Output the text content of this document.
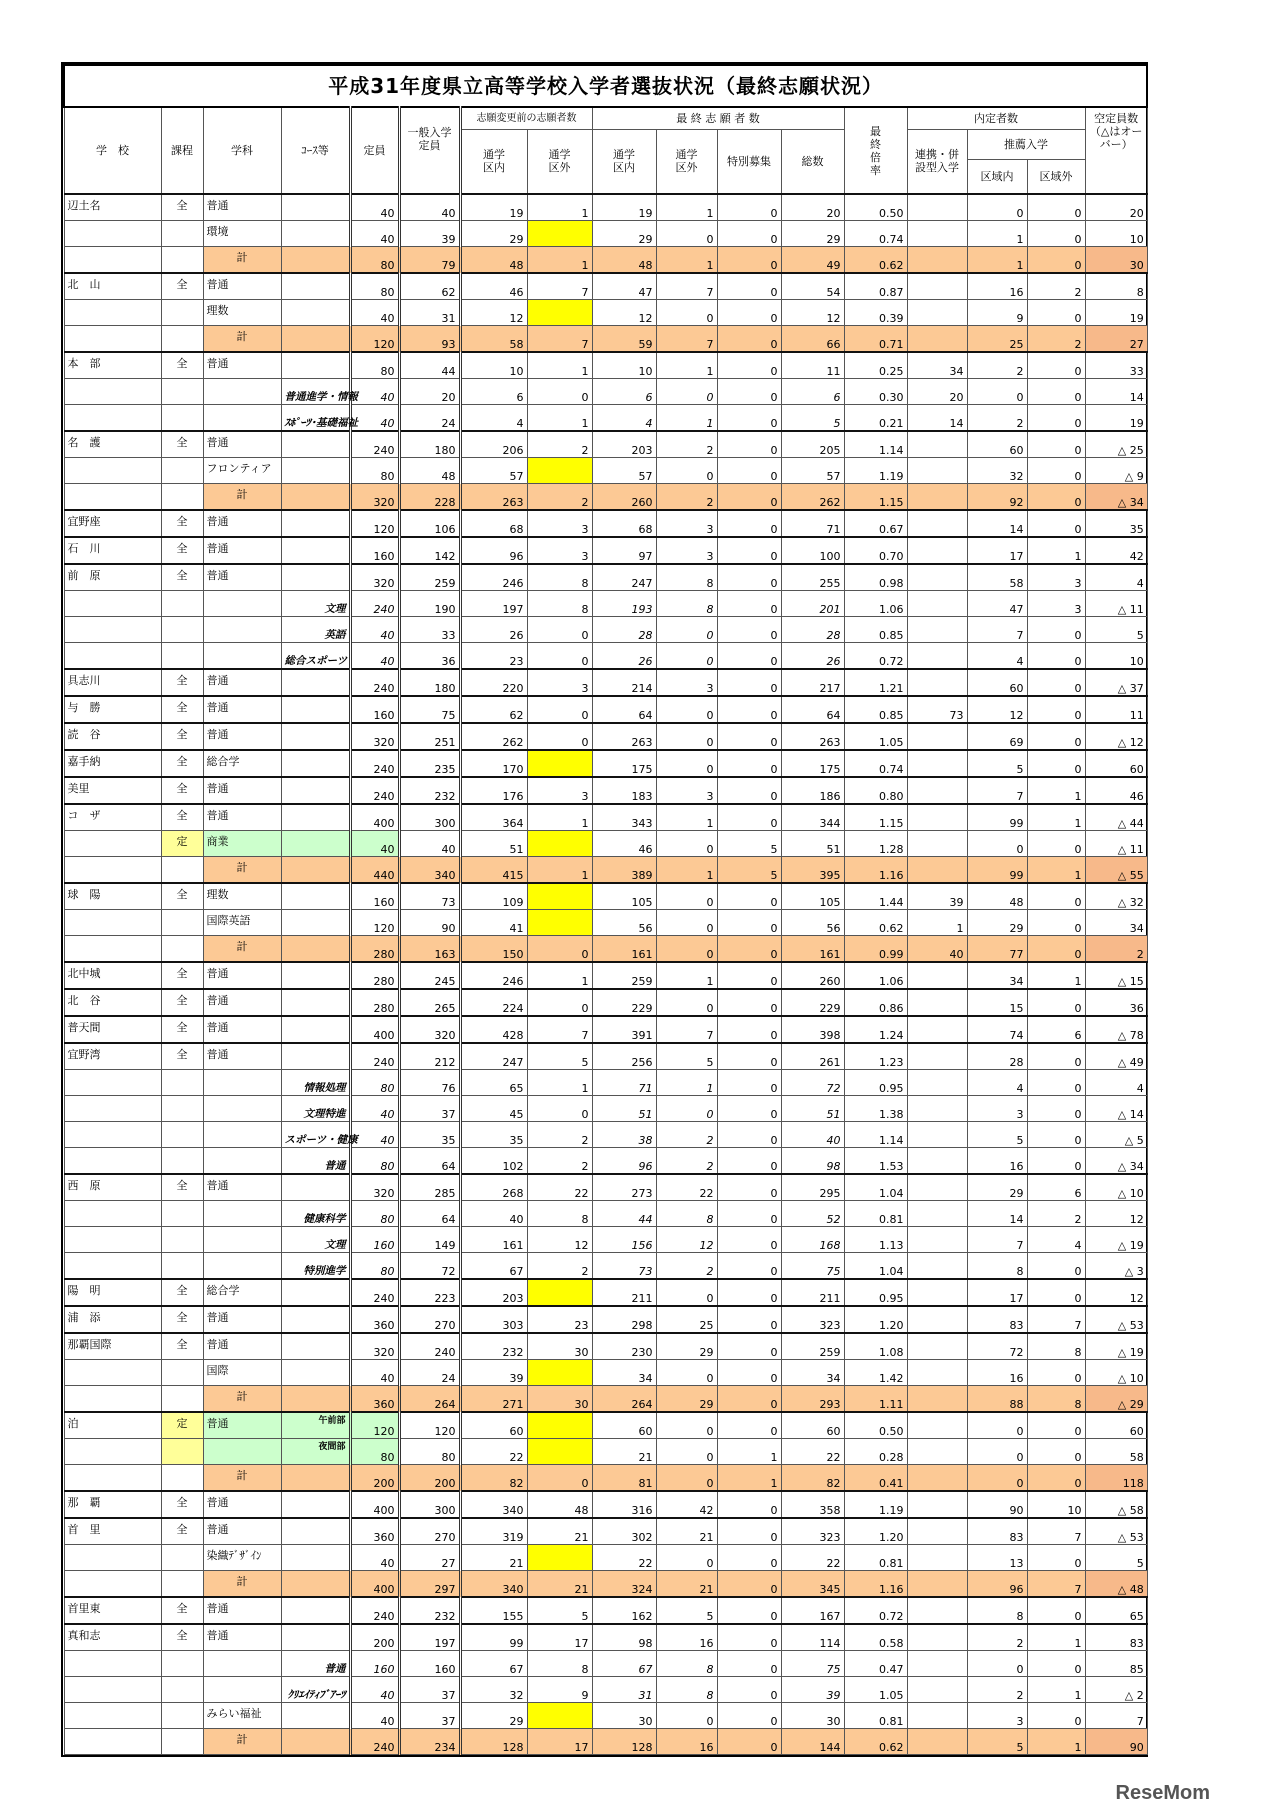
平成31年度県立高等学校入学者選抜状況（最終志願状況）																
学　校	課程	学科	ｺｰｽ等	定員	一般入学定員	志願変更前の志願者数		最 終 志 願 者 数				最終倍率	内定者数			空定員数（△はオーバー）
						通学区内	通学区外	通学区内	通学区外	特別募集	総数		連携・併設型入学	推薦入学		
														区域内	区域外	
辺土名	全	普通		40	40	19	1	19	1	0	20	0.50		0	0	20
		環境		40	39	29		29	0	0	29	0.74		1	0	10
		計		80	79	48	1	48	1	0	49	0.62		1	0	30
北　山	全	普通		80	62	46	7	47	7	0	54	0.87		16	2	8
		理数		40	31	12		12	0	0	12	0.39		9	0	19
		計		120	93	58	7	59	7	0	66	0.71		25	2	27
本　部	全	普通		80	44	10	1	10	1	0	11	0.25	34	2	0	33
			普通進学・情報	40	20	6	0	6	0	0	6	0.30	20	0	0	14
			ｽﾎﾟｰﾂ･基礎福祉	40	24	4	1	4	1	0	5	0.21	14	2	0	19
名　護	全	普通		240	180	206	2	203	2	0	205	1.14		60	0	△ 25
		フロンティア		80	48	57		57	0	0	57	1.19		32	0	△ 9
		計		320	228	263	2	260	2	0	262	1.15		92	0	△ 34
宜野座	全	普通		120	106	68	3	68	3	0	71	0.67		14	0	35
石　川	全	普通		160	142	96	3	97	3	0	100	0.70		17	1	42
前　原	全	普通		320	259	246	8	247	8	0	255	0.98		58	3	4
			文理	240	190	197	8	193	8	0	201	1.06		47	3	△ 11
			英語	40	33	26	0	28	0	0	28	0.85		7	0	5
			総合スポーツ	40	36	23	0	26	0	0	26	0.72		4	0	10
具志川	全	普通		240	180	220	3	214	3	0	217	1.21		60	0	△ 37
与　勝	全	普通		160	75	62	0	64	0	0	64	0.85	73	12	0	11
読　谷	全	普通		320	251	262	0	263	0	0	263	1.05		69	0	△ 12
嘉手納	全	総合学		240	235	170		175	0	0	175	0.74		5	0	60
美里	全	普通		240	232	176	3	183	3	0	186	0.80		7	1	46
コ　ザ	全	普通		400	300	364	1	343	1	0	344	1.15		99	1	△ 44
	定	商業		40	40	51		46	0	5	51	1.28		0	0	△ 11
		計		440	340	415	1	389	1	5	395	1.16		99	1	△ 55
球　陽	全	理数		160	73	109		105	0	0	105	1.44	39	48	0	△ 32
		国際英語		120	90	41		56	0	0	56	0.62	1	29	0	34
		計		280	163	150	0	161	0	0	161	0.99	40	77	0	2
北中城	全	普通		280	245	246	1	259	1	0	260	1.06		34	1	△ 15
北　谷	全	普通		280	265	224	0	229	0	0	229	0.86		15	0	36
普天間	全	普通		400	320	428	7	391	7	0	398	1.24		74	6	△ 78
宜野湾	全	普通		240	212	247	5	256	5	0	261	1.23		28	0	△ 49
			情報処理	80	76	65	1	71	1	0	72	0.95		4	0	4
			文理特進	40	37	45	0	51	0	0	51	1.38		3	0	△ 14
			スポーツ・健康	40	35	35	2	38	2	0	40	1.14		5	0	△ 5
			普通	80	64	102	2	96	2	0	98	1.53		16	0	△ 34
西　原	全	普通		320	285	268	22	273	22	0	295	1.04		29	6	△ 10
			健康科学	80	64	40	8	44	8	0	52	0.81		14	2	12
			文理	160	149	161	12	156	12	0	168	1.13		7	4	△ 19
			特別進学	80	72	67	2	73	2	0	75	1.04		8	0	△ 3
陽　明	全	総合学		240	223	203		211	0	0	211	0.95		17	0	12
浦　添	全	普通		360	270	303	23	298	25	0	323	1.20		83	7	△ 53
那覇国際	全	普通		320	240	232	30	230	29	0	259	1.08		72	8	△ 19
		国際		40	24	39		34	0	0	34	1.42		16	0	△ 10
		計		360	264	271	30	264	29	0	293	1.11		88	8	△ 29
泊	定	普通	午前部	120	120	60		60	0	0	60	0.50		0	0	60
			夜間部	80	80	22		21	0	1	22	0.28		0	0	58
		計		200	200	82	0	81	0	1	82	0.41		0	0	118
那　覇	全	普通		400	300	340	48	316	42	0	358	1.19		90	10	△ 58
首　里	全	普通		360	270	319	21	302	21	0	323	1.20		83	7	△ 53
		染織ﾃﾞｻﾞｲﾝ		40	27	21		22	0	0	22	0.81		13	0	5
		計		400	297	340	21	324	21	0	345	1.16		96	7	△ 48
首里東	全	普通		240	232	155	5	162	5	0	167	0.72		8	0	65
真和志	全	普通		200	197	99	17	98	16	0	114	0.58		2	1	83
			普通	160	160	67	8	67	8	0	75	0.47		0	0	85
			ｸﾘｴｲﾃｨﾌﾞｱｰﾂ	40	37	32	9	31	8	0	39	1.05		2	1	△ 2
		みらい福祉		40	37	29		30	0	0	30	0.81		3	0	7
		計		240	234	128	17	128	16	0	144	0.62		5	1	90
ReseMom
